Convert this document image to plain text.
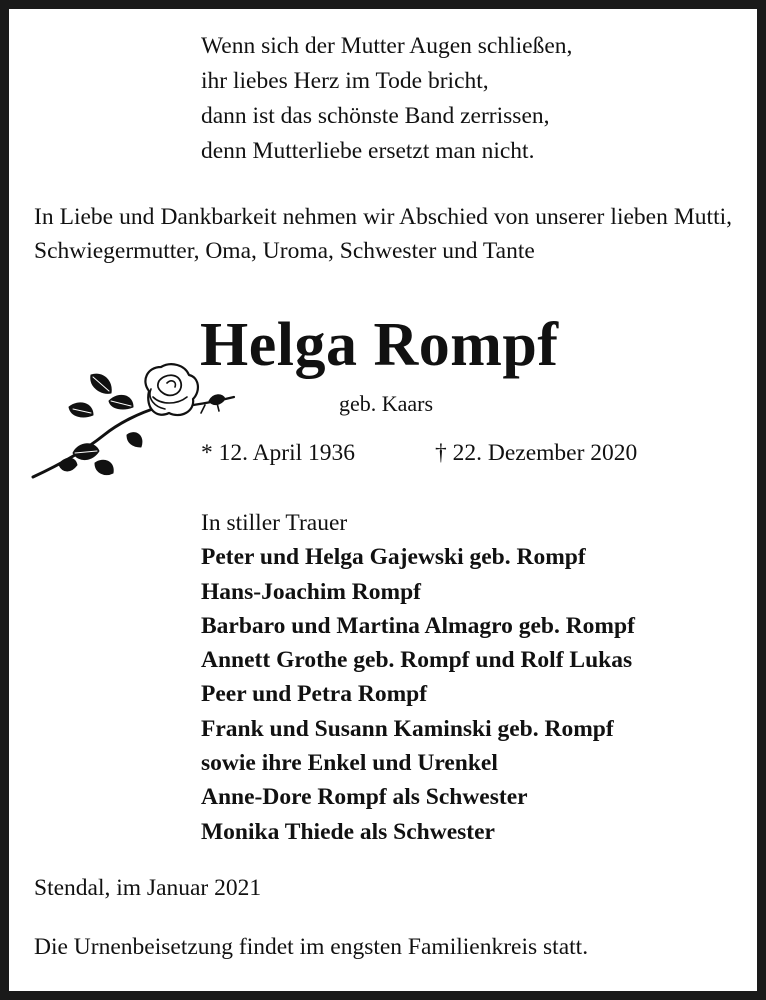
Wenn sich der Mutter Augen schließen,
ihr liebes Herz im Tode bricht,
dann ist das schönste Band zerrissen,
denn Mutterliebe ersetzt man nicht.
In Liebe und Dankbarkeit nehmen wir Abschied von unserer lieben Mutti, Schwiegermutter, Oma, Uroma, Schwester und Tante
Helga Rompf
geb. Kaars
* 12. April 1936	† 22. Dezember 2020
In stiller Trauer
Peter und Helga Gajewski geb. Rompf
Hans-Joachim Rompf
Barbaro und Martina Almagro geb. Rompf
Annett Grothe geb. Rompf und Rolf Lukas
Peer und Petra Rompf
Frank und Susann Kaminski geb. Rompf
sowie ihre Enkel und Urenkel
Anne-Dore Rompf als Schwester
Monika Thiede als Schwester
Stendal, im Januar 2021
Die Urnenbeisetzung findet im engsten Familienkreis statt.
